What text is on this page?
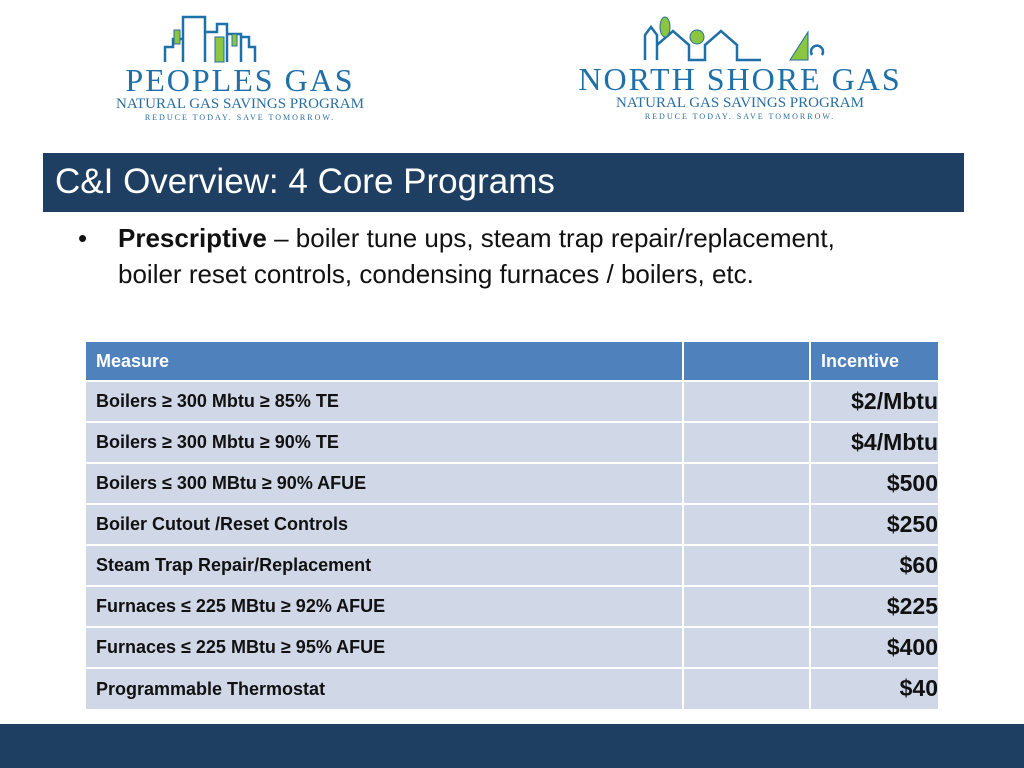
PEOPLES GAS
NATURAL GAS SAVINGS PROGRAM
REDUCE TODAY. SAVE TOMORROW.
NORTH SHORE GAS
NATURAL GAS SAVINGS PROGRAM
REDUCE TODAY. SAVE TOMORROW.
C&I Overview: 4 Core Programs
• Prescriptive – boiler tune ups, steam trap repair/replacement, boiler reset controls, condensing furnaces / boilers, etc.
Measure		Incentive
Boilers ≥ 300 Mbtu ≥ 85% TE		$2/Mbtu
Boilers ≥ 300 Mbtu ≥ 90% TE		$4/Mbtu
Boilers ≤ 300 MBtu ≥ 90% AFUE		$500
Boiler Cutout /Reset Controls		$250
Steam Trap Repair/Replacement		$60
Furnaces ≤ 225 MBtu ≥ 92% AFUE		$225
Furnaces ≤ 225 MBtu ≥ 95% AFUE		$400
Programmable Thermostat		$40
